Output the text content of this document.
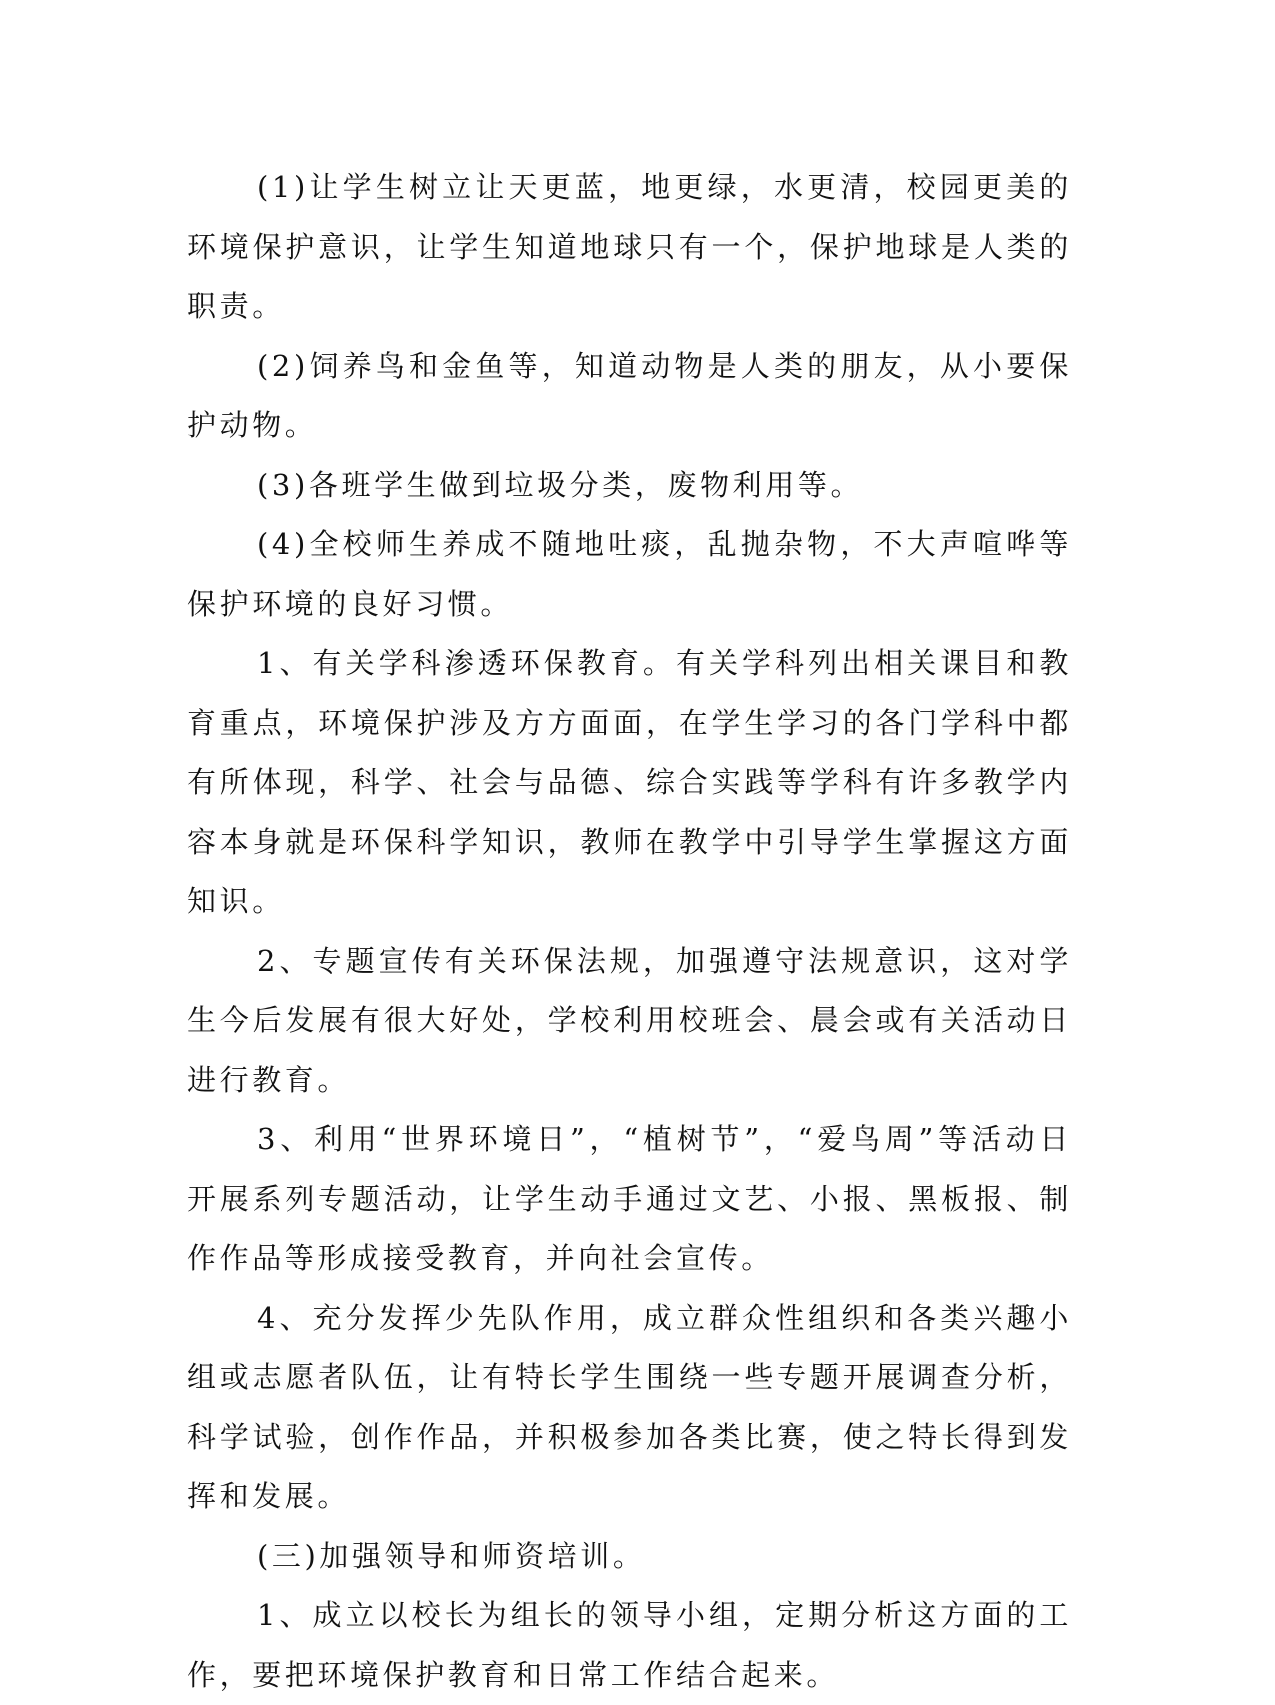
(1)让学生树立让天更蓝，地更绿，水更清，校园更美的环境保护意识，让学生知道地球只有一个，保护地球是人类的职责。

(2)饲养鸟和金鱼等，知道动物是人类的朋友，从小要保护动物。

(3)各班学生做到垃圾分类，废物利用等。

(4)全校师生养成不随地吐痰，乱抛杂物，不大声喧哗等保护环境的良好习惯。

1、有关学科渗透环保教育。有关学科列出相关课目和教育重点，环境保护涉及方方面面，在学生学习的各门学科中都有所体现，科学、社会与品德、综合实践等学科有许多教学内容本身就是环保科学知识，教师在教学中引导学生掌握这方面知识。

2、专题宣传有关环保法规，加强遵守法规意识，这对学生今后发展有很大好处，学校利用校班会、晨会或有关活动日进行教育。

3、利用“世界环境日”，“植树节”，“爱鸟周”等活动日开展系列专题活动，让学生动手通过文艺、小报、黑板报、制作作品等形成接受教育，并向社会宣传。

4、充分发挥少先队作用，成立群众性组织和各类兴趣小组或志愿者队伍，让有特长学生围绕一些专题开展调查分析，科学试验，创作作品，并积极参加各类比赛，使之特长得到发挥和发展。

(三)加强领导和师资培训。

1、成立以校长为组长的领导小组，定期分析这方面的工作，要把环境保护教育和日常工作结合起来。
